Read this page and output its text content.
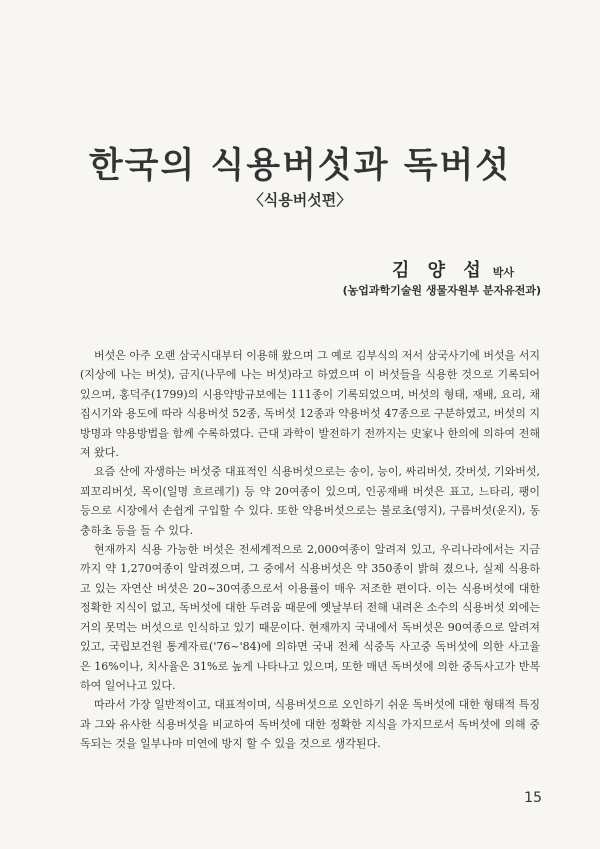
한국의 식용버섯과 독버섯
〈식용버섯편〉
김 양 섭 박사
(농업과학기술원 생물자원부 분자유전과)

버섯은 아주 오랜 삼국시대부터 이용해 왔으며 그 예로 김부식의 저서 삼국사기에 버섯을 서지(지상에 나는 버섯), 금지(나무에 나는 버섯)라고 하였으며 이 버섯들을 식용한 것으로 기록되어 있으며, 홍덕주(1799)의 시용약방규보에는 111종이 기록되었으며, 버섯의 형태, 재배, 요리, 채집시기와 용도에 따라 식용버섯 52종, 독버섯 12종과 약용버섯 47종으로 구분하였고, 버섯의 지방명과 약용방법을 함께 수록하였다. 근대 과학이 발전하기 전까지는 史家나 한의에 의하여 전해져 왔다.

요즘 산에 자생하는 버섯중 대표적인 식용버섯으로는 송이, 능이, 싸리버섯, 갓버섯, 기와버섯, 꾀꼬리버섯, 목이(일명 흐르레기) 등 약 20여종이 있으며, 인공재배 버섯은 표고, 느타리, 팽이 등으로 시장에서 손쉽게 구입할 수 있다. 또한 약용버섯으로는 불로초(영지), 구름버섯(운지), 동충하초 등을 들 수 있다.

현재까지 식용 가능한 버섯은 전세계적으로 2,000여종이 알려져 있고, 우리나라에서는 지금까지 약 1,270여종이 알려졌으며, 그 중에서 식용버섯은 약 350종이 밝혀 졌으나, 실제 식용하고 있는 자연산 버섯은 20~30여종으로서 이용률이 매우 저조한 편이다. 이는 식용버섯에 대한 정확한 지식이 없고, 독버섯에 대한 두려움 때문에 옛날부터 전해 내려온 소수의 식용버섯 외에는 거의 못먹는 버섯으로 인식하고 있기 때문이다. 현재까지 국내에서 독버섯은 90여종으로 알려져 있고, 국립보건원 통계자료('76~'84)에 의하면 국내 전체 식중독 사고중 독버섯에 의한 사고율은 16%이나, 치사율은 31%로 높게 나타나고 있으며, 또한 매년 독버섯에 의한 중독사고가 반복하여 일어나고 있다.

따라서 가장 일반적이고, 대표적이며, 식용버섯으로 오인하기 쉬운 독버섯에 대한 형태적 특징과 그와 유사한 식용버섯을 비교하여 독버섯에 대한 정확한 지식을 가지므로서 독버섯에 의해 중독되는 것을 일부나마 미연에 방지 할 수 있을 것으로 생각된다.

15
